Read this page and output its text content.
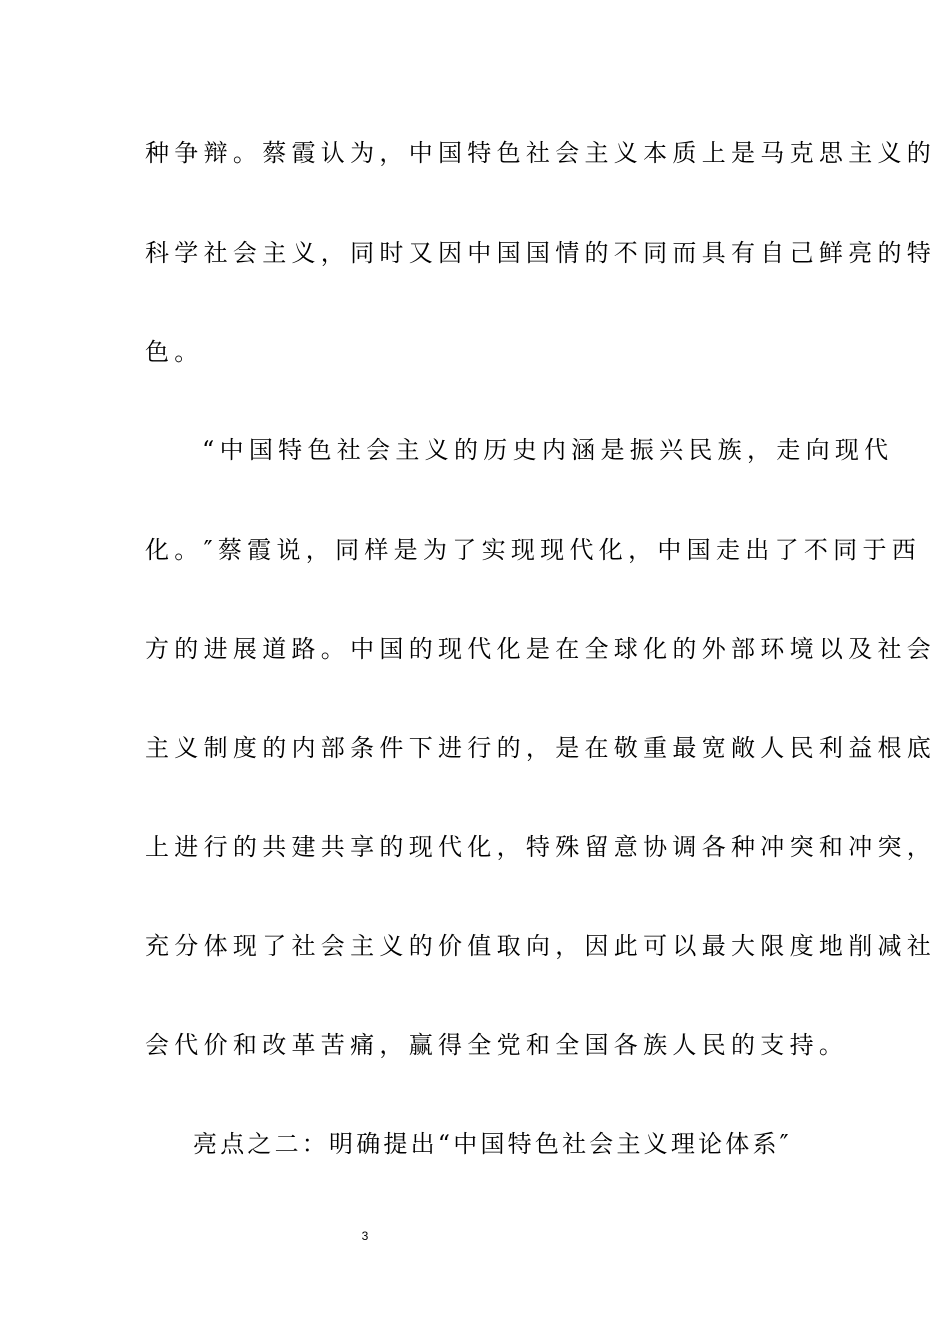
种争辩。蔡霞认为，中国特色社会主义本质上是马克思主义的
科学社会主义，同时又因中国国情的不同而具有自己鲜亮的特
色。
“中国特色社会主义的历史内涵是振兴民族，走向现代
化。″蔡霞说，同样是为了实现现代化，中国走出了不同于西
方的进展道路。中国的现代化是在全球化的外部环境以及社会
主义制度的内部条件下进行的，是在敬重最宽敞人民利益根底
上进行的共建共享的现代化，特殊留意协调各种冲突和冲突，
充分体现了社会主义的价值取向，因此可以最大限度地削减社
会代价和改革苦痛，赢得全党和全国各族人民的支持。
亮点之二：明确提出“中国特色社会主义理论体系″
3
